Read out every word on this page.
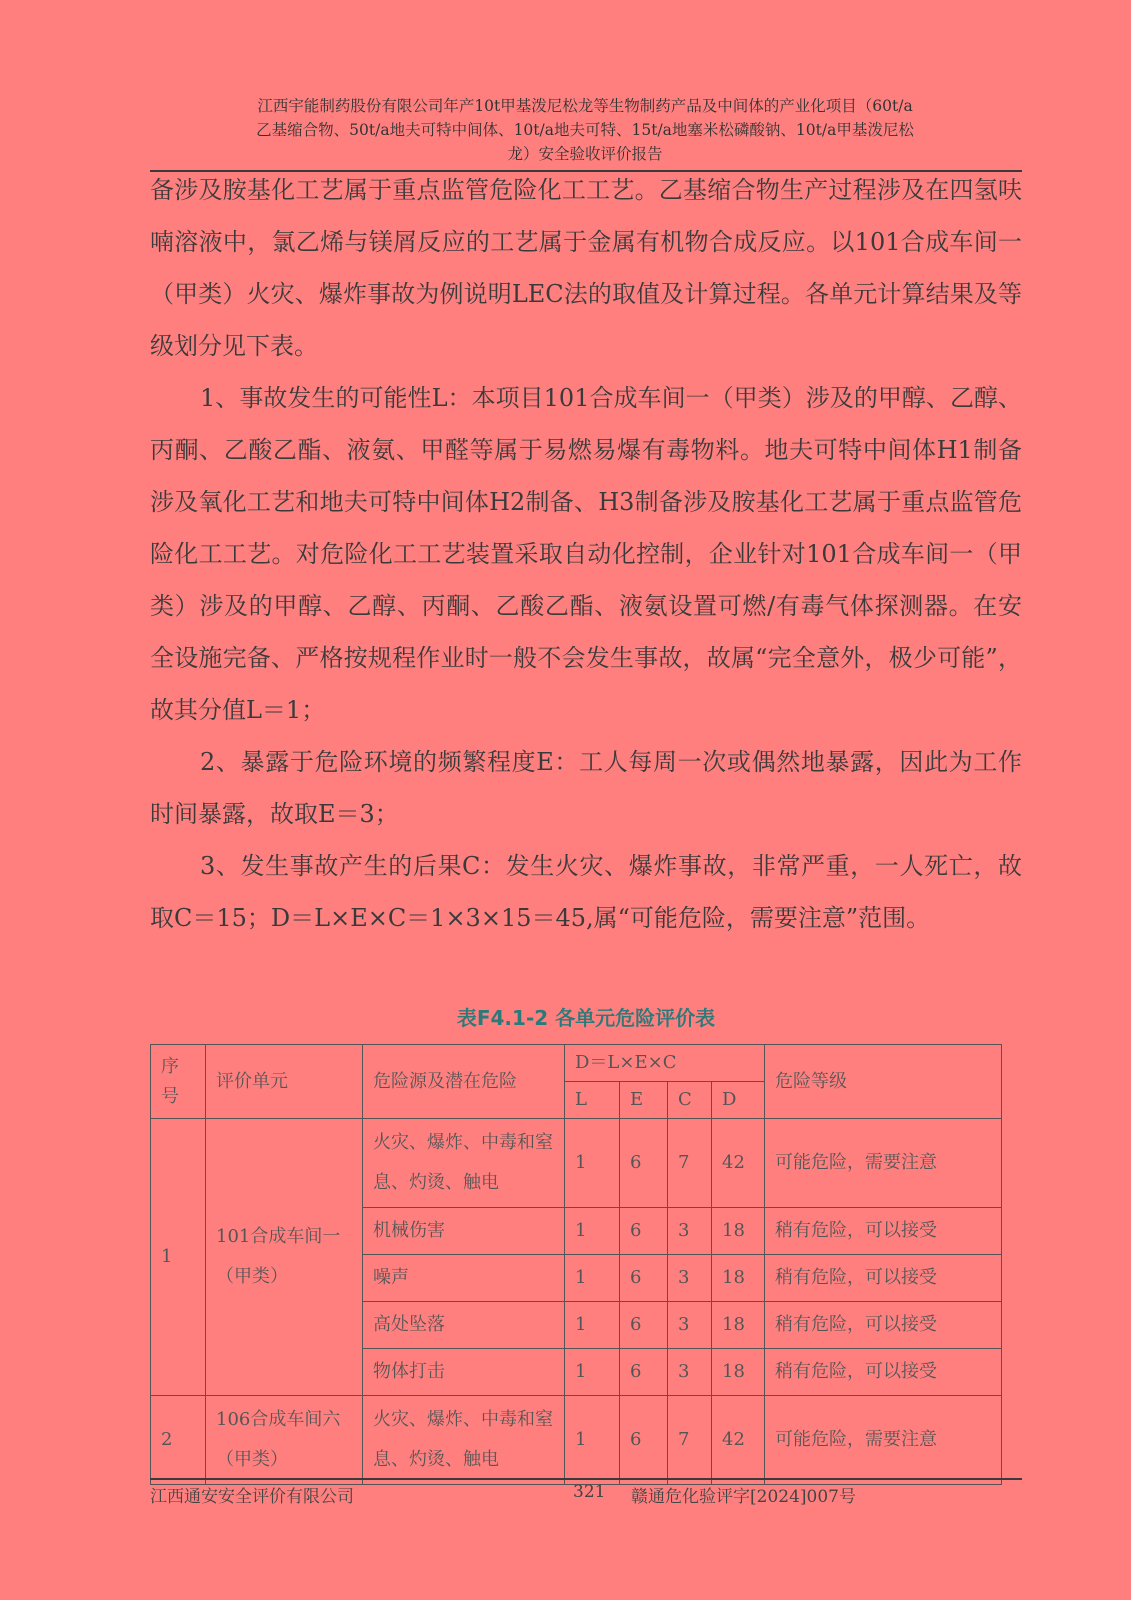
江西宇能制药股份有限公司年产10t甲基泼尼松龙等生物制药产品及中间体的产业化项目（60t/a
乙基缩合物、50t/a地夫可特中间体、10t/a地夫可特、15t/a地塞米松磷酸钠、10t/a甲基泼尼松
龙）安全验收评价报告

备涉及胺基化工艺属于重点监管危险化工工艺。乙基缩合物生产过程涉及在四氢呋喃溶液中，氯乙烯与镁屑反应的工艺属于金属有机物合成反应。以101合成车间一（甲类）火灾、爆炸事故为例说明LEC法的取值及计算过程。各单元计算结果及等级划分见下表。

1、事故发生的可能性L：本项目101合成车间一（甲类）涉及的甲醇、乙醇、丙酮、乙酸乙酯、液氨、甲醛等属于易燃易爆有毒物料。地夫可特中间体H1制备涉及氧化工艺和地夫可特中间体H2制备、H3制备涉及胺基化工艺属于重点监管危险化工工艺。对危险化工工艺装置采取自动化控制，企业针对101合成车间一（甲类）涉及的甲醇、乙醇、丙酮、乙酸乙酯、液氨设置可燃/有毒气体探测器。在安全设施完备、严格按规程作业时一般不会发生事故，故属“完全意外，极少可能”，故其分值L＝1；

2、暴露于危险环境的频繁程度E：工人每周一次或偶然地暴露，因此为工作时间暴露，故取E＝3；

3、发生事故产生的后果C：发生火灾、爆炸事故，非常严重，一人死亡，故取C＝15；D＝L×E×C＝1×3×15＝45,属“可能危险，需要注意”范围。

表F4.1-2 各单元危险评价表
序号	评价单元	危险源及潜在危险	D＝L×E×C				危险等级
			L	E	C	D	
1	101合成车间一（甲类）	火灾、爆炸、中毒和窒息、灼烫、触电	1	6	7	42	可能危险，需要注意
		机械伤害	1	6	3	18	稍有危险，可以接受
		噪声	1	6	3	18	稍有危险，可以接受
		高处坠落	1	6	3	18	稍有危险，可以接受
		物体打击	1	6	3	18	稍有危险，可以接受
2	106合成车间六（甲类）	火灾、爆炸、中毒和窒息、灼烫、触电	1	6	7	42	可能危险，需要注意
江西通安安全评价有限公司	321 赣通危化验评字[2024]007号
